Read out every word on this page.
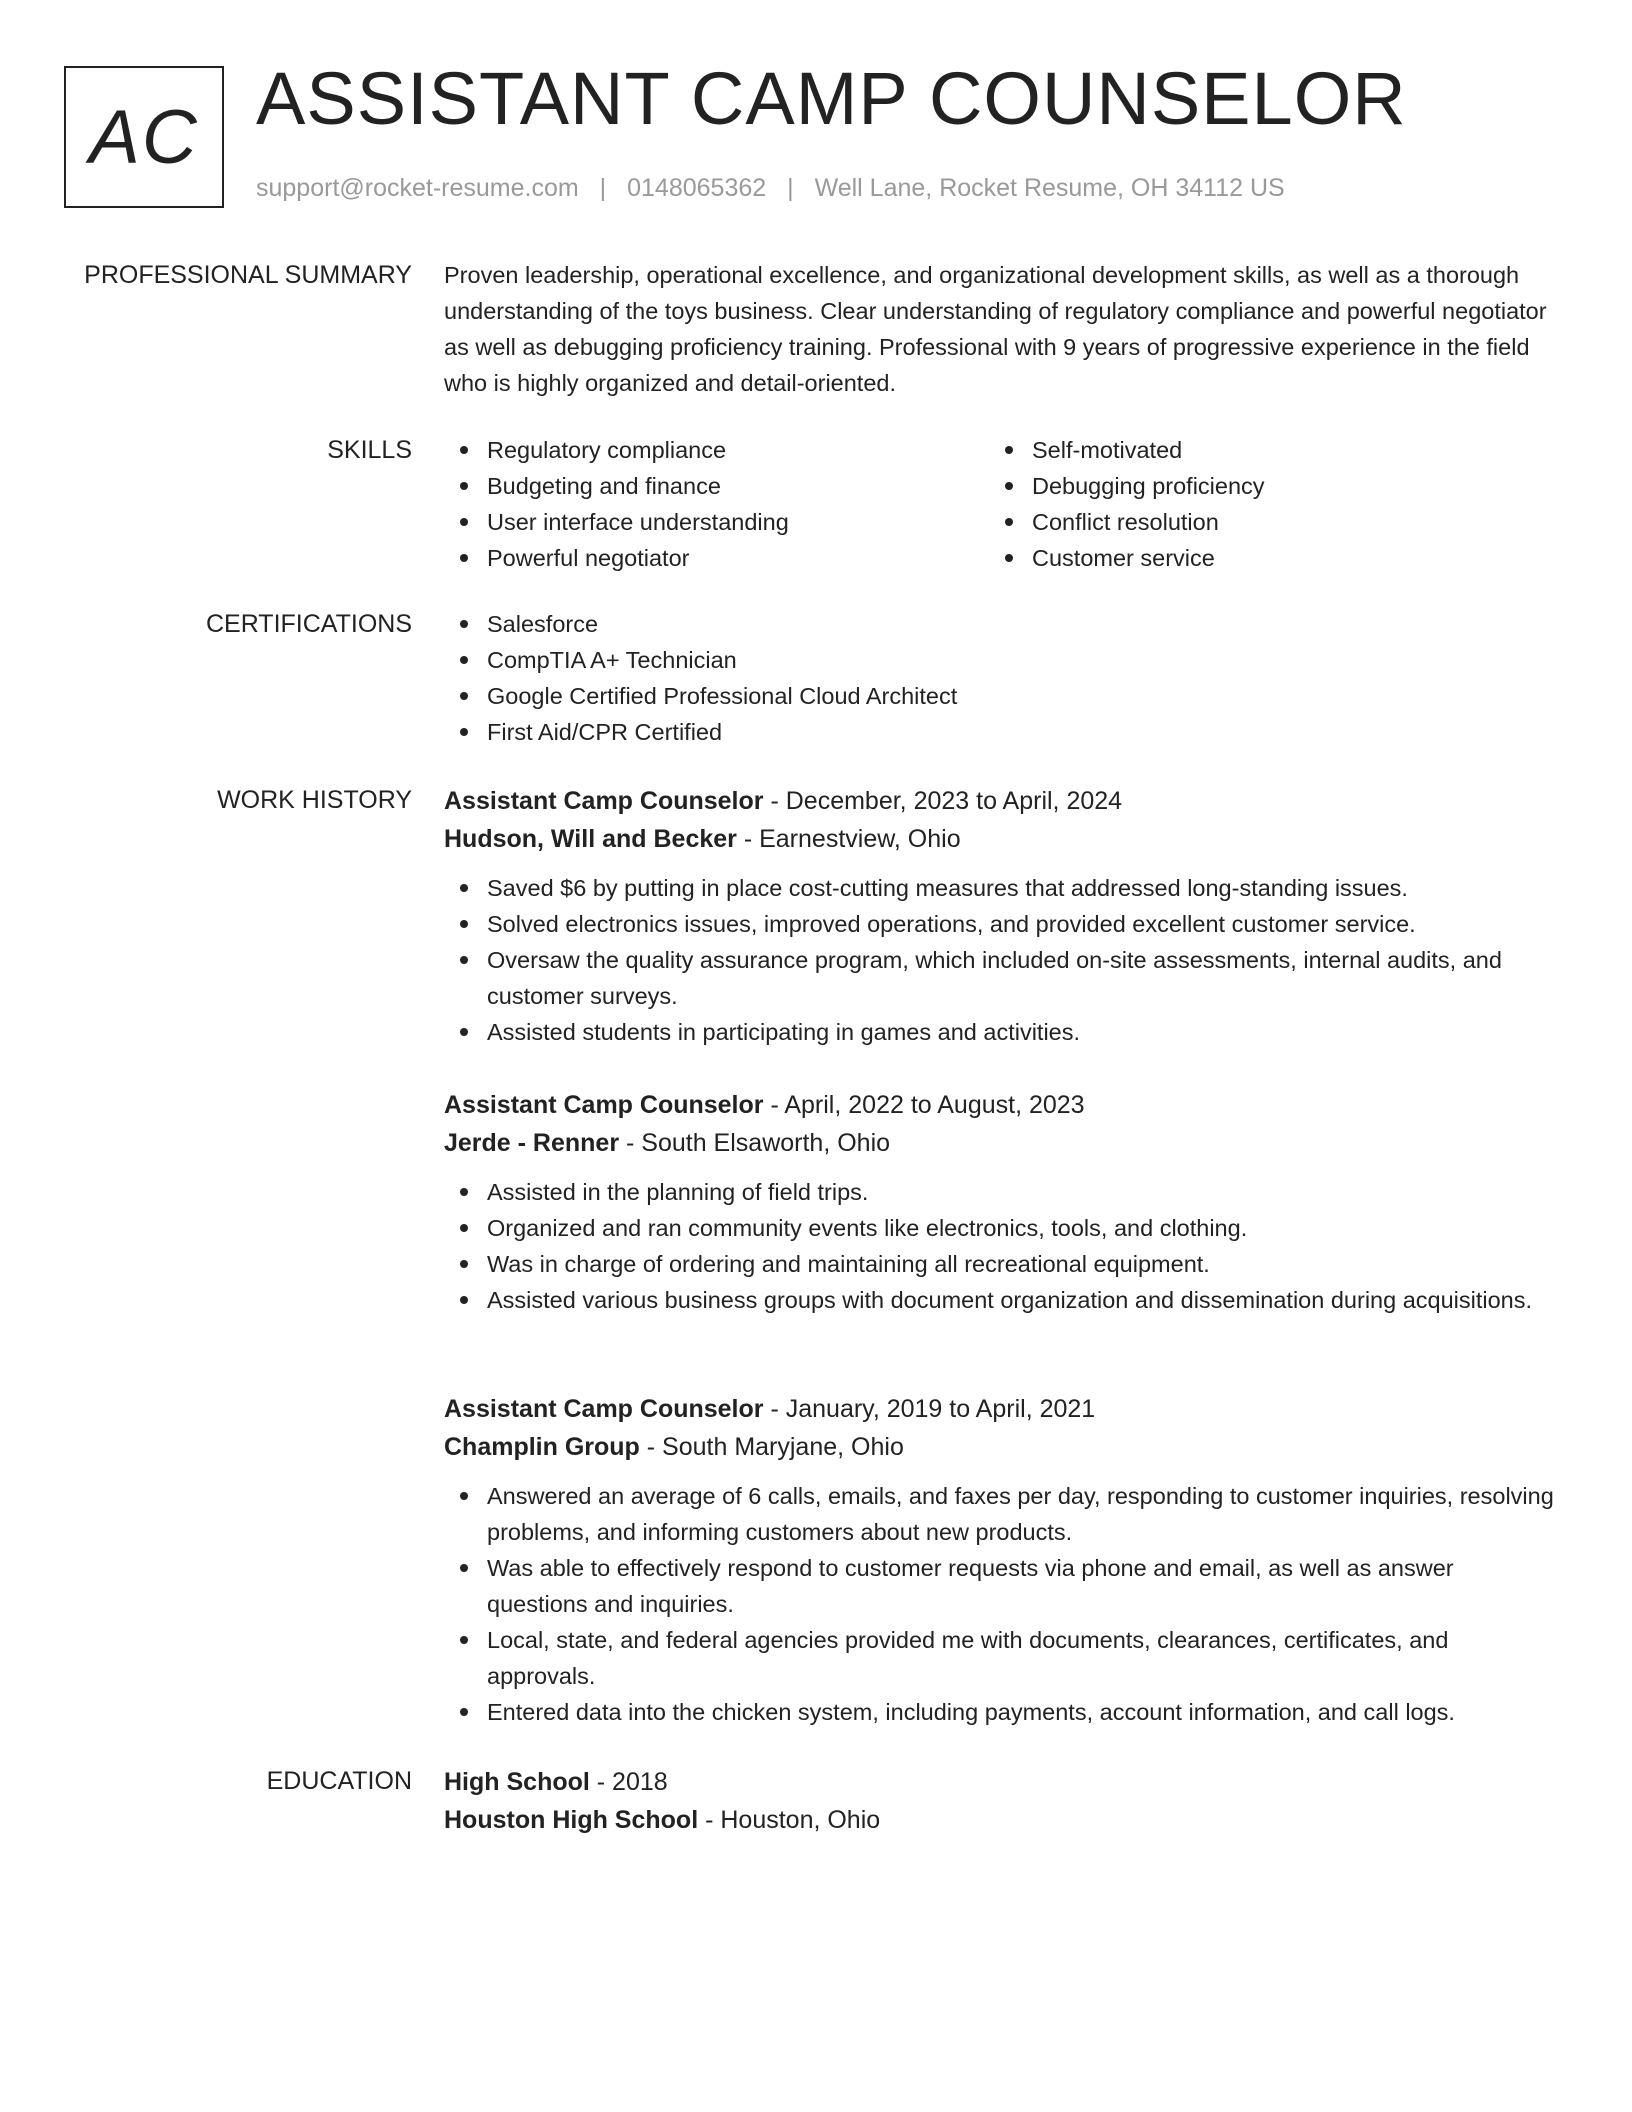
AC ASSISTANT CAMP COUNSELOR
support@rocket-resume.com | 0148065362 | Well Lane, Rocket Resume, OH 34112 US
PROFESSIONAL SUMMARY Proven leadership, operational excellence, and organizational development skills, as well as a thorough understanding of the toys business. Clear understanding of regulatory compliance and powerful negotiator as well as debugging proficiency training. Professional with 9 years of progressive experience in the field who is highly organized and detail-oriented.
SKILLS	Regulatory compliance
Budgeting and finance
User interface understanding
Powerful negotiator
Self-motivated
Debugging proficiency
Conflict resolution
Customer service
CERTIFICATIONS	Salesforce
CompTIA A+ Technician
Google Certified Professional Cloud Architect
First Aid/CPR Certified
WORK HISTORY Assistant Camp Counselor - December, 2023 to April, 2024
Hudson, Will and Becker - Earnestview, Ohio
Saved $6 by putting in place cost-cutting measures that addressed long-standing issues.
Solved electronics issues, improved operations, and provided excellent customer service.
Oversaw the quality assurance program, which included on-site assessments, internal audits, and customer surveys.
Assisted students in participating in games and activities.
Assistant Camp Counselor - April, 2022 to August, 2023
Jerde - Renner - South Elsaworth, Ohio
Assisted in the planning of field trips.
Organized and ran community events like electronics, tools, and clothing.
Was in charge of ordering and maintaining all recreational equipment.
Assisted various business groups with document organization and dissemination during acquisitions.
Assistant Camp Counselor - January, 2019 to April, 2021
Champlin Group - South Maryjane, Ohio
Answered an average of 6 calls, emails, and faxes per day, responding to customer inquiries, resolving problems, and informing customers about new products.
Was able to effectively respond to customer requests via phone and email, as well as answer questions and inquiries.
Local, state, and federal agencies provided me with documents, clearances, certificates, and approvals.
Entered data into the chicken system, including payments, account information, and call logs.
EDUCATION High School - 2018
Houston High School - Houston, Ohio
